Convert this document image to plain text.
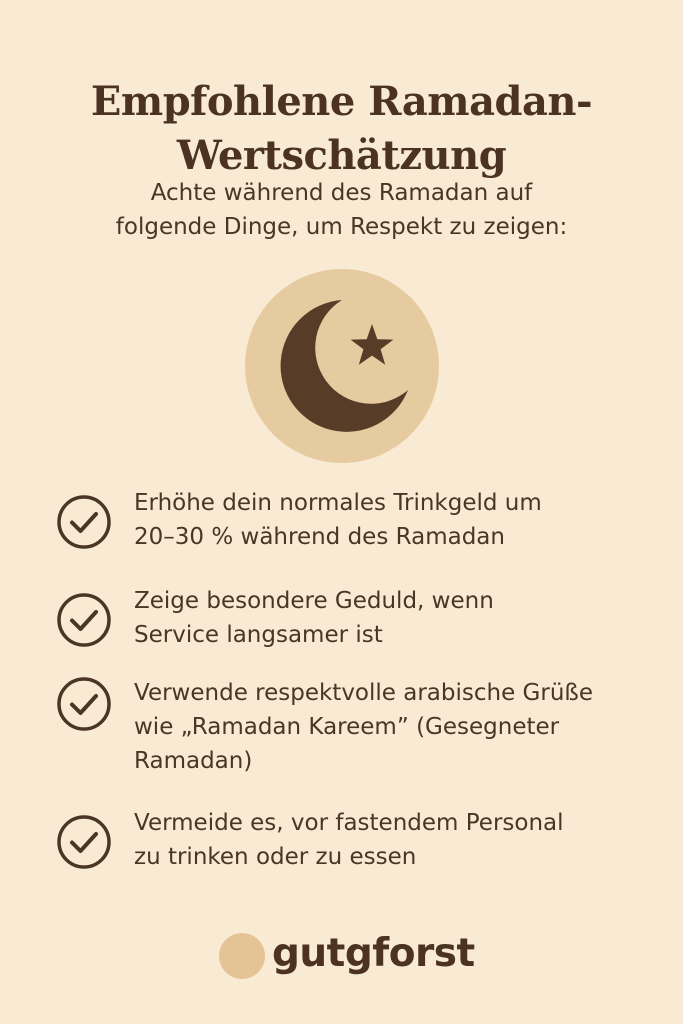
Empfohlene Ramadan-
Wertschätzung
Achte während des Ramadan auf
folgende Dinge, um Respekt zu zeigen:
Erhöhe dein normales Trinkgeld um
20–30 % während des Ramadan
Zeige besondere Geduld, wenn
Service langsamer ist
Verwende respektvolle arabische Grüße
wie „Ramadan Kareem” (Gesegneter
Ramadan)
Vermeide es, vor fastendem Personal
zu trinken oder zu essen
gutgforst
